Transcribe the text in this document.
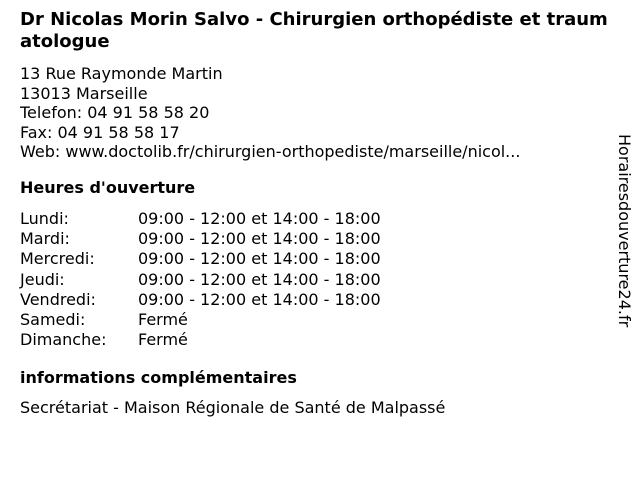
Dr Nicolas Morin Salvo - Chirurgien orthopédiste et traumatologue
13 Rue Raymonde Martin
13013 Marseille
Telefon: 04 91 58 58 20
Fax: 04 91 58 58 17
Web: www.doctolib.fr/chirurgien-orthopediste/marseille/nicol...
Heures d'ouverture
Lundi:	09:00 - 12:00 et 14:00 - 18:00
Mardi:	09:00 - 12:00 et 14:00 - 18:00
Mercredi:	09:00 - 12:00 et 14:00 - 18:00
Jeudi:	09:00 - 12:00 et 14:00 - 18:00
Vendredi:	09:00 - 12:00 et 14:00 - 18:00
Samedi:	Fermé
Dimanche:	Fermé
informations complémentaires
Secrétariat - Maison Régionale de Santé de Malpassé
Horairesdouverture24.fr
